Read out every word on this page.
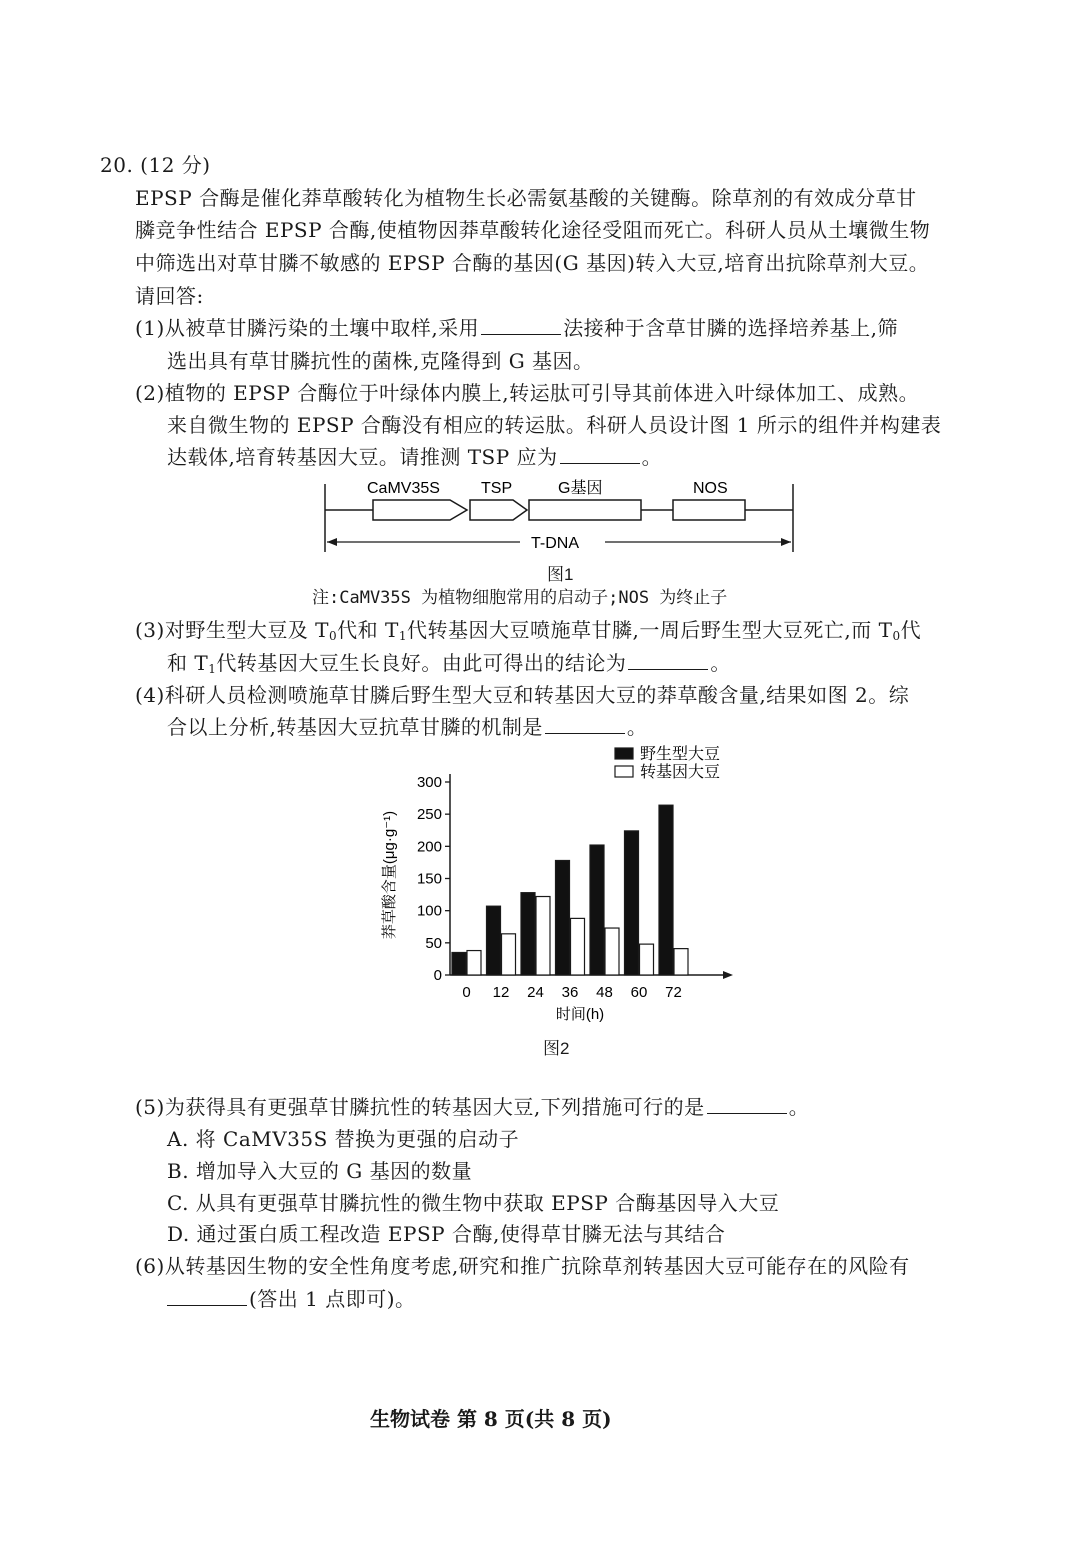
20. (12 分)
EPSP 合酶是催化莽草酸转化为植物生长必需氨基酸的关键酶。除草剂的有效成分草甘
膦竞争性结合 EPSP 合酶,使植物因莽草酸转化途径受阻而死亡。科研人员从土壤微生物
中筛选出对草甘膦不敏感的 EPSP 合酶的基因(G 基因)转入大豆,培育出抗除草剂大豆。
请回答:
(1)从被草甘膦污染的土壤中取样,采用	法接种于含草甘膦的选择培养基上,筛
选出具有草甘膦抗性的菌株,克隆得到 G 基因。
(2)植物的 EPSP 合酶位于叶绿体内膜上,转运肽可引导其前体进入叶绿体加工、成熟。
来自微生物的 EPSP 合酶没有相应的转运肽。科研人员设计图 1 所示的组件并构建表
达载体,培育转基因大豆。请推测 TSP 应为	。
CaMV35S	TSP	G基因	NOS
T-DNA
图1
注:CaMV35S 为植物细胞常用的启动子;NOS 为终止子
(3)对野生型大豆及 $T_0$代和 $T_1$代转基因大豆喷施草甘膦,一周后野生型大豆死亡,而 $T_0$代
和 $T_1$代转基因大豆生长良好。由此可得出的结论为	。
(4)科研人员检测喷施草甘膦后野生型大豆和转基因大豆的莽草酸含量,结果如图 2。综
合以上分析,转基因大豆抗草甘膦的机制是	。
0
50
100
150
200
250
300
0 12 24 36 48 60 72
时间(h)
莽草酸含量(μg·g⁻¹)
野生型大豆
转基因大豆
图2
(5)为获得具有更强草甘膦抗性的转基因大豆,下列措施可行的是	。
A. 将 CaMV35S 替换为更强的启动子
B. 增加导入大豆的 G 基因的数量
C. 从具有更强草甘膦抗性的微生物中获取 EPSP 合酶基因导入大豆
D. 通过蛋白质工程改造 EPSP 合酶,使得草甘膦无法与其结合
(6)从转基因生物的安全性角度考虑,研究和推广抗除草剂转基因大豆可能存在的风险有
(答出 1 点即可)。
生物试卷 第 8 页(共 8 页)
